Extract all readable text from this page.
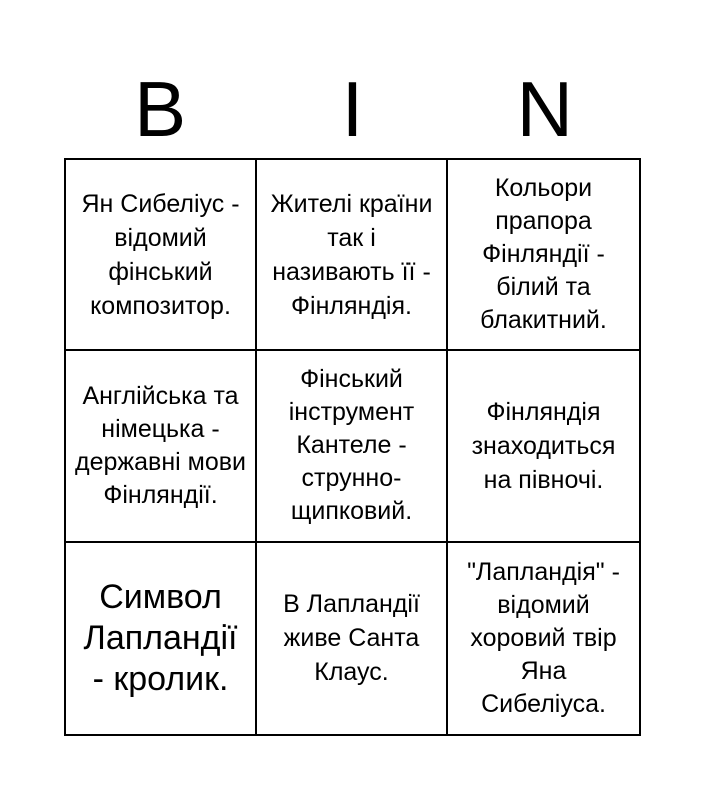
B	I	N
Ян Сибеліус - відомий фінський композитор.
Жителі країни так і називають її - Фінляндія.
Кольори прапора Фінляндії - білий та блакитний.
Англійська та німецька - державні мови Фінляндії.
Фінський інструмент Кантеле - струнно-щипковий.
Фінляндія знаходиться на півночі.
Символ Лапландії - кролик.
В Лапландії живе Санта Клаус.
"Лапландія" - відомий хоровий твір Яна Сибеліуса.
